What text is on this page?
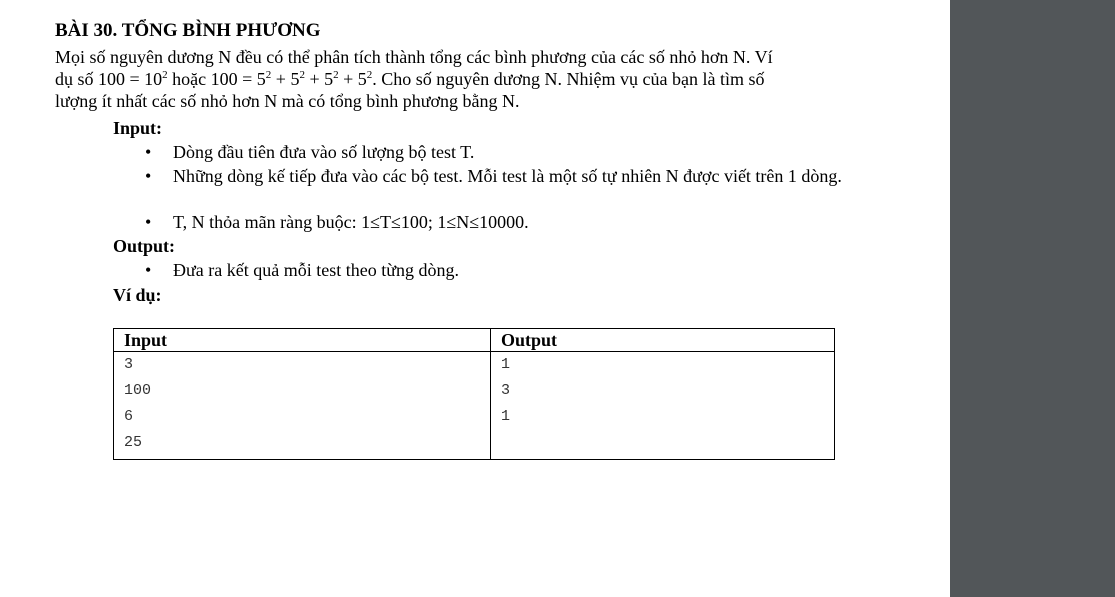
BÀI 30. TỔNG BÌNH PHƯƠNG
Mọi số nguyên dương N đều có thể phân tích thành tổng các bình phương của các số nhỏ hơn N. Ví
dụ số $100 = 10^2$ hoặc $100 = 5^2 + 5^2 + 5^2 + 5^2$. Cho số nguyên dương N. Nhiệm vụ của bạn là tìm số
lượng ít nhất các số nhỏ hơn N mà có tổng bình phương bằng N.
Input:
• Dòng đầu tiên đưa vào số lượng bộ test T.
• Những dòng kế tiếp đưa vào các bộ test. Mỗi test là một số tự nhiên N được viết trên 1 dòng.
• T, N thỏa mãn ràng buộc: 1≤T≤100; 1≤N≤10000.
Output:
• Đưa ra kết quả mỗi test theo từng dòng.
Ví dụ:
Input	Output
3	1
100	3
6	1
25	
